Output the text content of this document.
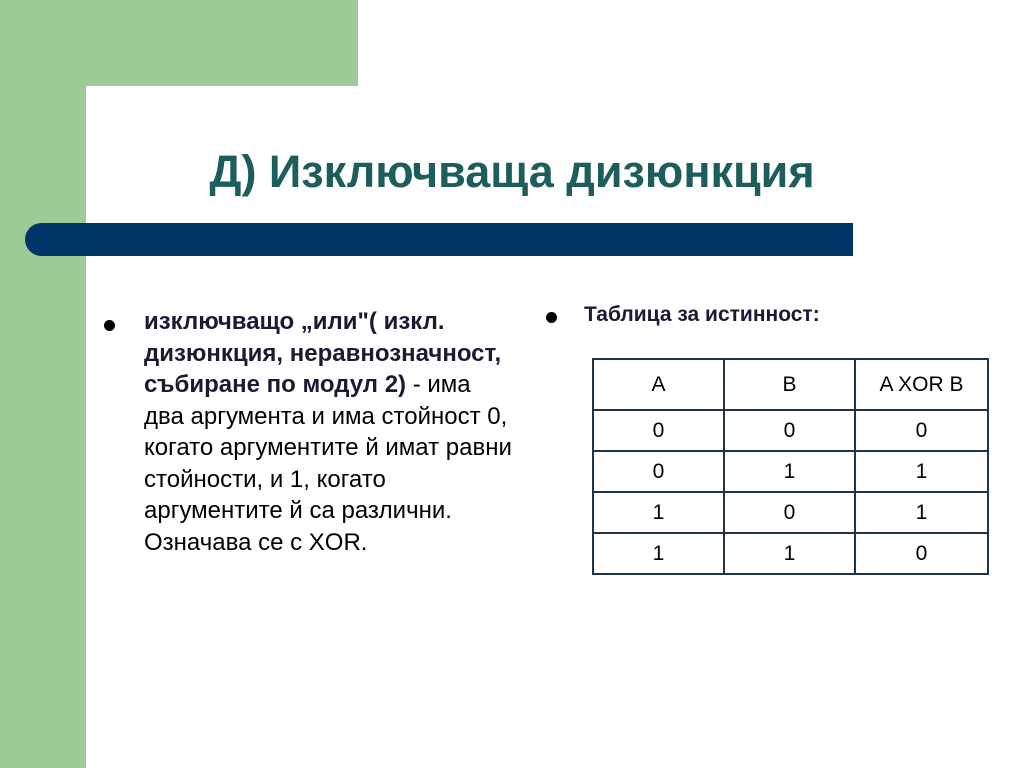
Д) Изключваща дизюнкция
изключващо „или"( изкл. дизюнкция, неравнозначност, събиране по модул 2) - има два аргумента и има стойност 0, когато аргументите й имат равни стойности, и 1, когато аргументите й са различни.
Означава се с XOR.
Таблица за истинност:
A	B	A XOR B
0	0	0
0	1	1
1	0	1
1	1	0
